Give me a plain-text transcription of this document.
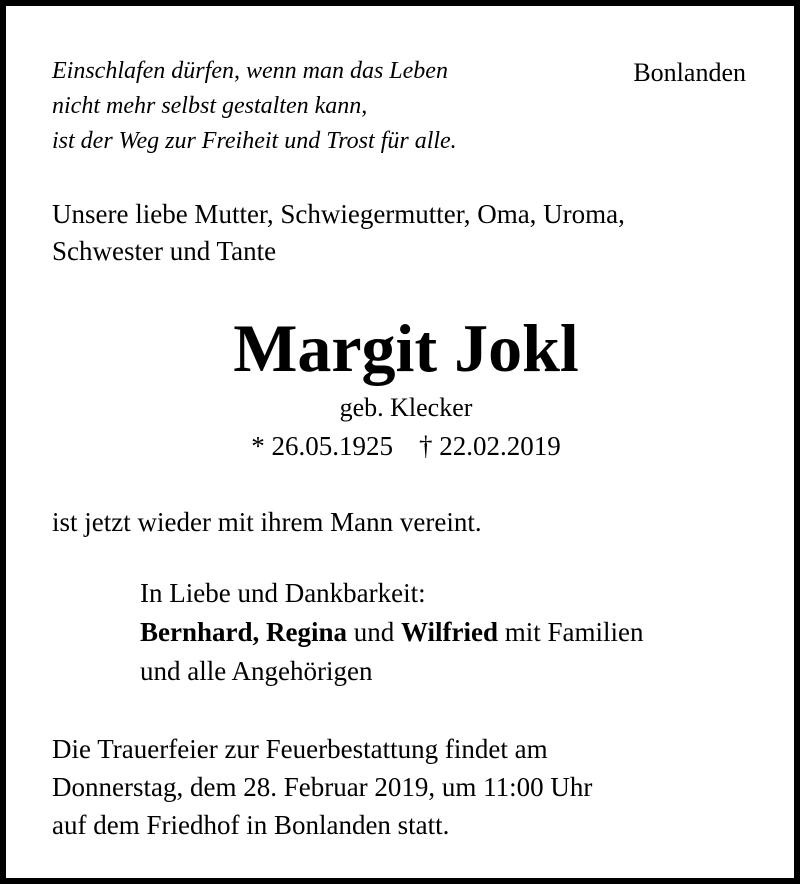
Einschlafen dürfen, wenn man das Leben
nicht mehr selbst gestalten kann,
ist der Weg zur Freiheit und Trost für alle.
Bonlanden
Unsere liebe Mutter, Schwiegermutter, Oma, Uroma,
Schwester und Tante
Margit Jokl
geb. Klecker
* 26.05.1925 † 22.02.2019
ist jetzt wieder mit ihrem Mann vereint.
In Liebe und Dankbarkeit:
Bernhard, Regina und Wilfried mit Familien
und alle Angehörigen
Die Trauerfeier zur Feuerbestattung findet am
Donnerstag, dem 28. Februar 2019, um 11:00 Uhr
auf dem Friedhof in Bonlanden statt.
